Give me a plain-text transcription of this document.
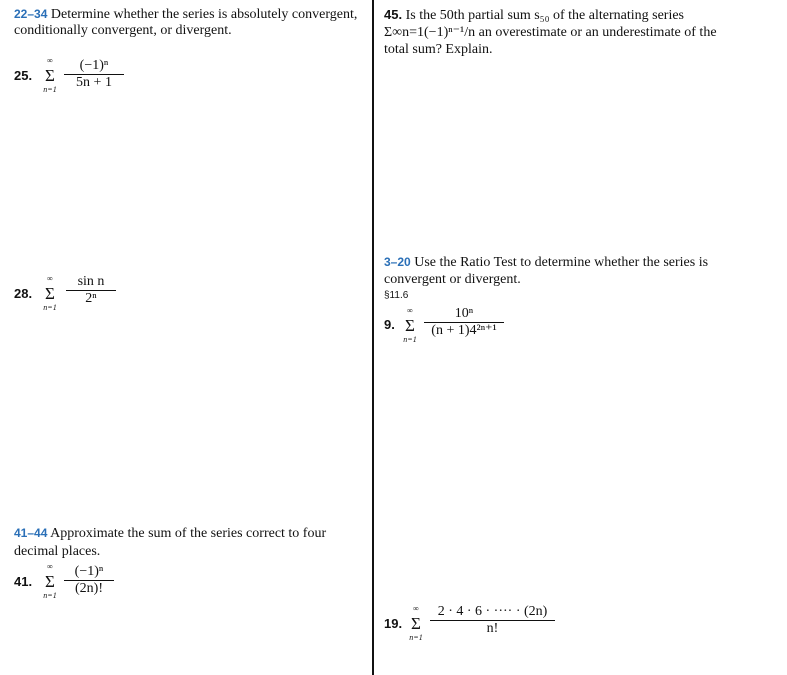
22–34 Determine whether the series is absolutely convergent, conditionally convergent, or divergent.
25.
∞
Σ
n=1
(−1)ⁿ
5n + 1
28.
∞
Σ
n=1
sin n
2ⁿ
41–44 Approximate the sum of the series correct to four decimal places.
41.
∞
Σ
n=1
(−1)ⁿ
(2n)!
45. Is the 50th partial sum s₅₀ of the alternating series Σ∞n=1(−1)ⁿ⁻¹/n an overestimate or an underestimate of the total sum? Explain.
3–20 Use the Ratio Test to determine whether the series is convergent or divergent.
§11.6
9.
∞
Σ
n=1
10ⁿ
(n + 1)4²ⁿ⁺¹
19.
∞
Σ
n=1
2 · 4 · 6 · ···· · (2n)
n!
